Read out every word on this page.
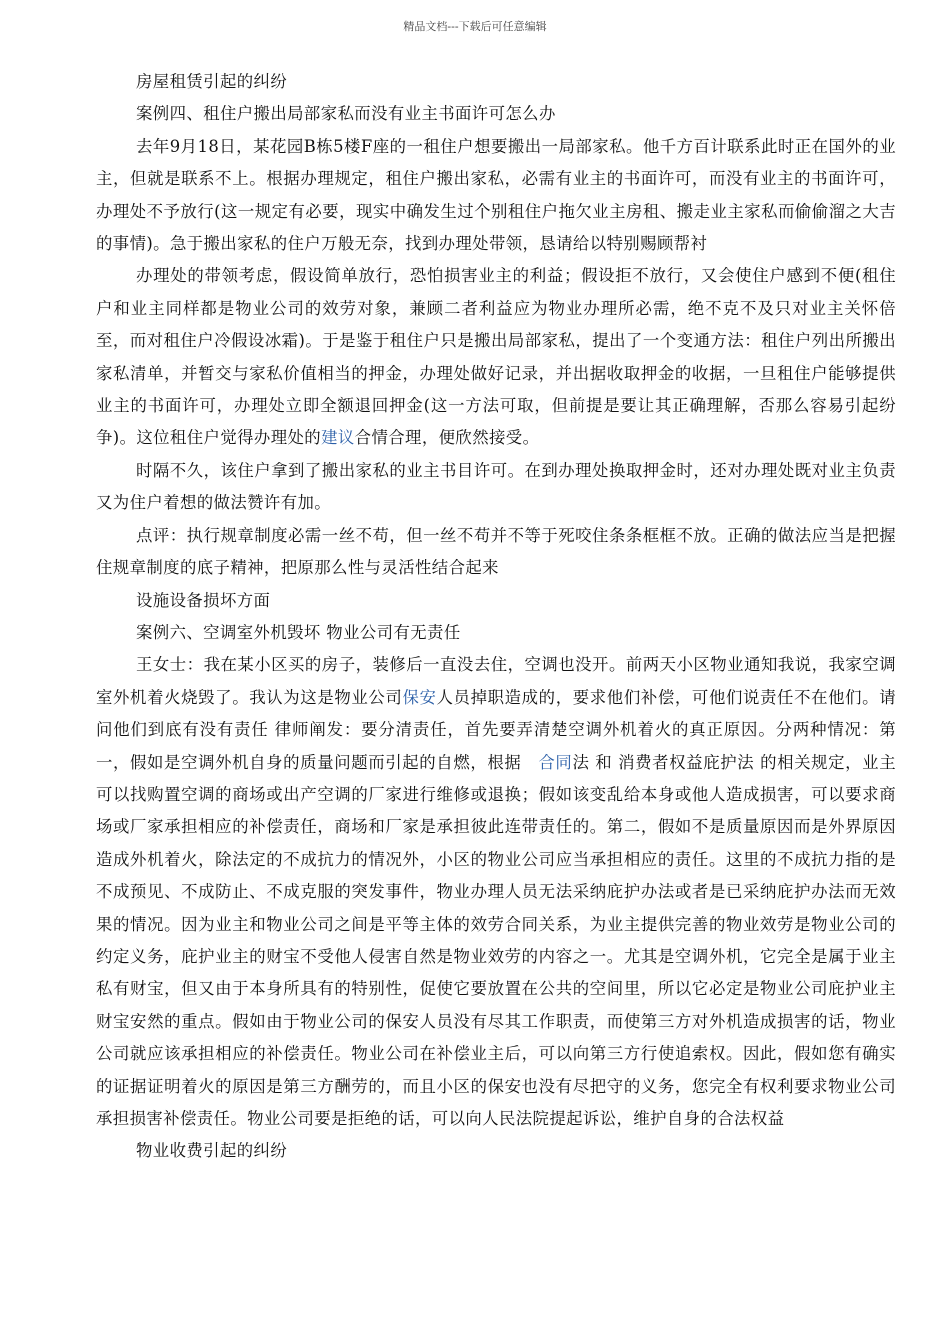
精品文档---下载后可任意编辑

房屋租赁引起的纠纷

案例四、租住户搬出局部家私而没有业主书面许可怎么办

去年9月18日，某花园B栋5楼F座的一租住户想要搬出一局部家私。他千方百计联系此时正在国外的业主，但就是联系不上。根据办理规定，租住户搬出家私，必需有业主的书面许可，而没有业主的书面许可，办理处不予放行(这一规定有必要，现实中确发生过个别租住户拖欠业主房租、搬走业主家私而偷偷溜之大吉的事情)。急于搬出家私的住户万般无奈，找到办理处带领，恳请给以特别赐顾帮衬

办理处的带领考虑，假设简单放行，恐怕损害业主的利益；假设拒不放行，又会使住户感到不便(租住户和业主同样都是物业公司的效劳对象，兼顾二者利益应为物业办理所必需，绝不克不及只对业主关怀倍至，而对租住户冷假设冰霜)。于是鉴于租住户只是搬出局部家私，提出了一个变通方法：租住户列出所搬出家私清单，并暂交与家私价值相当的押金，办理处做好记录，并出据收取押金的收据，一旦租住户能够提供业主的书面许可，办理处立即全额退回押金(这一方法可取，但前提是要让其正确理解，否那么容易引起纷争)。这位租住户觉得办理处的建议合情合理，便欣然接受。

时隔不久，该住户拿到了搬出家私的业主书目许可。在到办理处换取押金时，还对办理处既对业主负责又为住户着想的做法赞许有加。

点评：执行规章制度必需一丝不苟，但一丝不苟并不等于死咬住条条框框不放。正确的做法应当是把握住规章制度的底子精神，把原那么性与灵活性结合起来

设施设备损坏方面

案例六、空调室外机毁坏 物业公司有无责任

王女士：我在某小区买的房子，装修后一直没去住，空调也没开。前两天小区物业通知我说，我家空调室外机着火烧毁了。我认为这是物业公司保安人员掉职造成的，要求他们补偿，可他们说责任不在他们。请问他们到底有没有责任 律师阐发：要分清责任，首先要弄清楚空调外机着火的真正原因。分两种情况：第一，假如是空调外机自身的质量问题而引起的自燃，根据　合同法 和 消费者权益庇护法 的相关规定，业主可以找购置空调的商场或出产空调的厂家进行维修或退换；假如该变乱给本身或他人造成损害，可以要求商场或厂家承担相应的补偿责任，商场和厂家是承担彼此连带责任的。第二，假如不是质量原因而是外界原因造成外机着火，除法定的不成抗力的情况外，小区的物业公司应当承担相应的责任。这里的不成抗力指的是不成预见、不成防止、不成克服的突发事件，物业办理人员无法采纳庇护办法或者是已采纳庇护办法而无效果的情况。因为业主和物业公司之间是平等主体的效劳合同关系，为业主提供完善的物业效劳是物业公司的约定义务，庇护业主的财宝不受他人侵害自然是物业效劳的内容之一。尤其是空调外机，它完全是属于业主私有财宝，但又由于本身所具有的特别性，促使它要放置在公共的空间里，所以它必定是物业公司庇护业主财宝安然的重点。假如由于物业公司的保安人员没有尽其工作职责，而使第三方对外机造成损害的话，物业公司就应该承担相应的补偿责任。物业公司在补偿业主后，可以向第三方行使追索权。因此，假如您有确实的证据证明着火的原因是第三方酬劳的，而且小区的保安也没有尽把守的义务，您完全有权利要求物业公司承担损害补偿责任。物业公司要是拒绝的话，可以向人民法院提起诉讼，维护自身的合法权益

物业收费引起的纠纷
